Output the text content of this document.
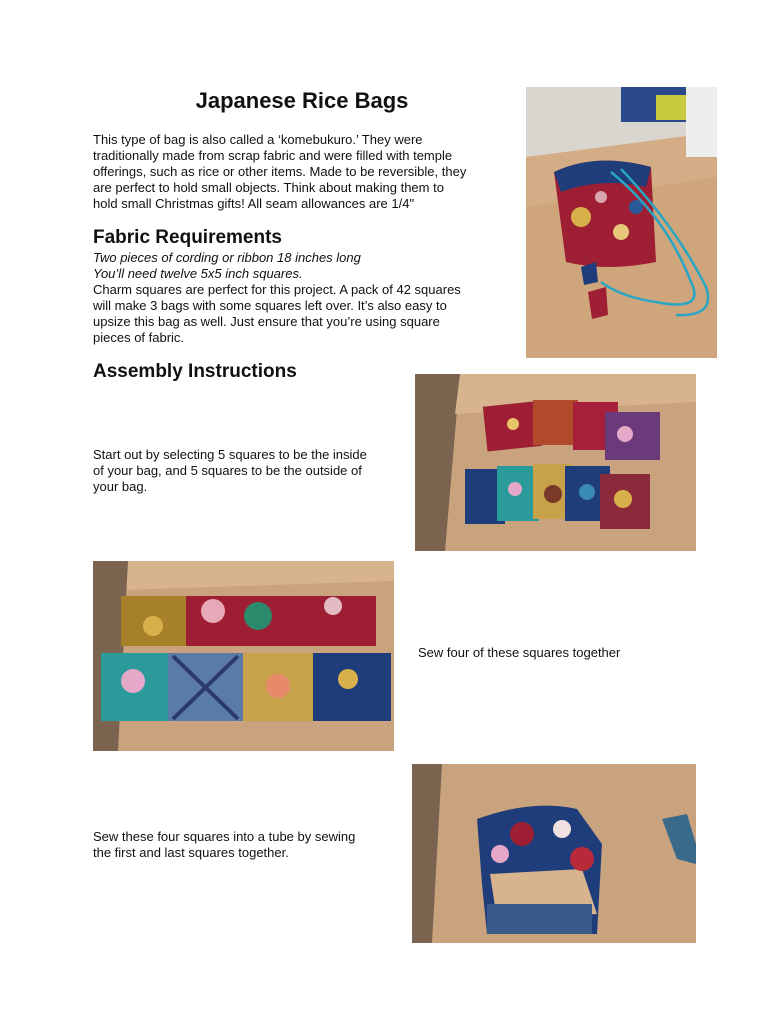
Japanese Rice Bags
This type of bag is also called a ‘komebukuro.’ They were
traditionally made from scrap fabric and were filled with temple
offerings, such as rice or other items. Made to be reversible, they
are perfect to hold small objects. Think about making them to
hold small Christmas gifts! All seam allowances are 1/4"
Fabric Requirements
Two pieces of cording or ribbon 18 inches long
You’ll need twelve 5x5 inch squares.
Charm squares are perfect for this project. A pack of 42 squares
will make 3 bags with some squares left over. It’s also easy to
upsize this bag as well. Just ensure that you’re using square
pieces of fabric.
Assembly Instructions
Start out by selecting 5 squares to be the inside
of your bag, and 5 squares to be the outside of
your bag.
Sew four of these squares together
Sew these four squares into a tube by sewing
the first and last squares together.
